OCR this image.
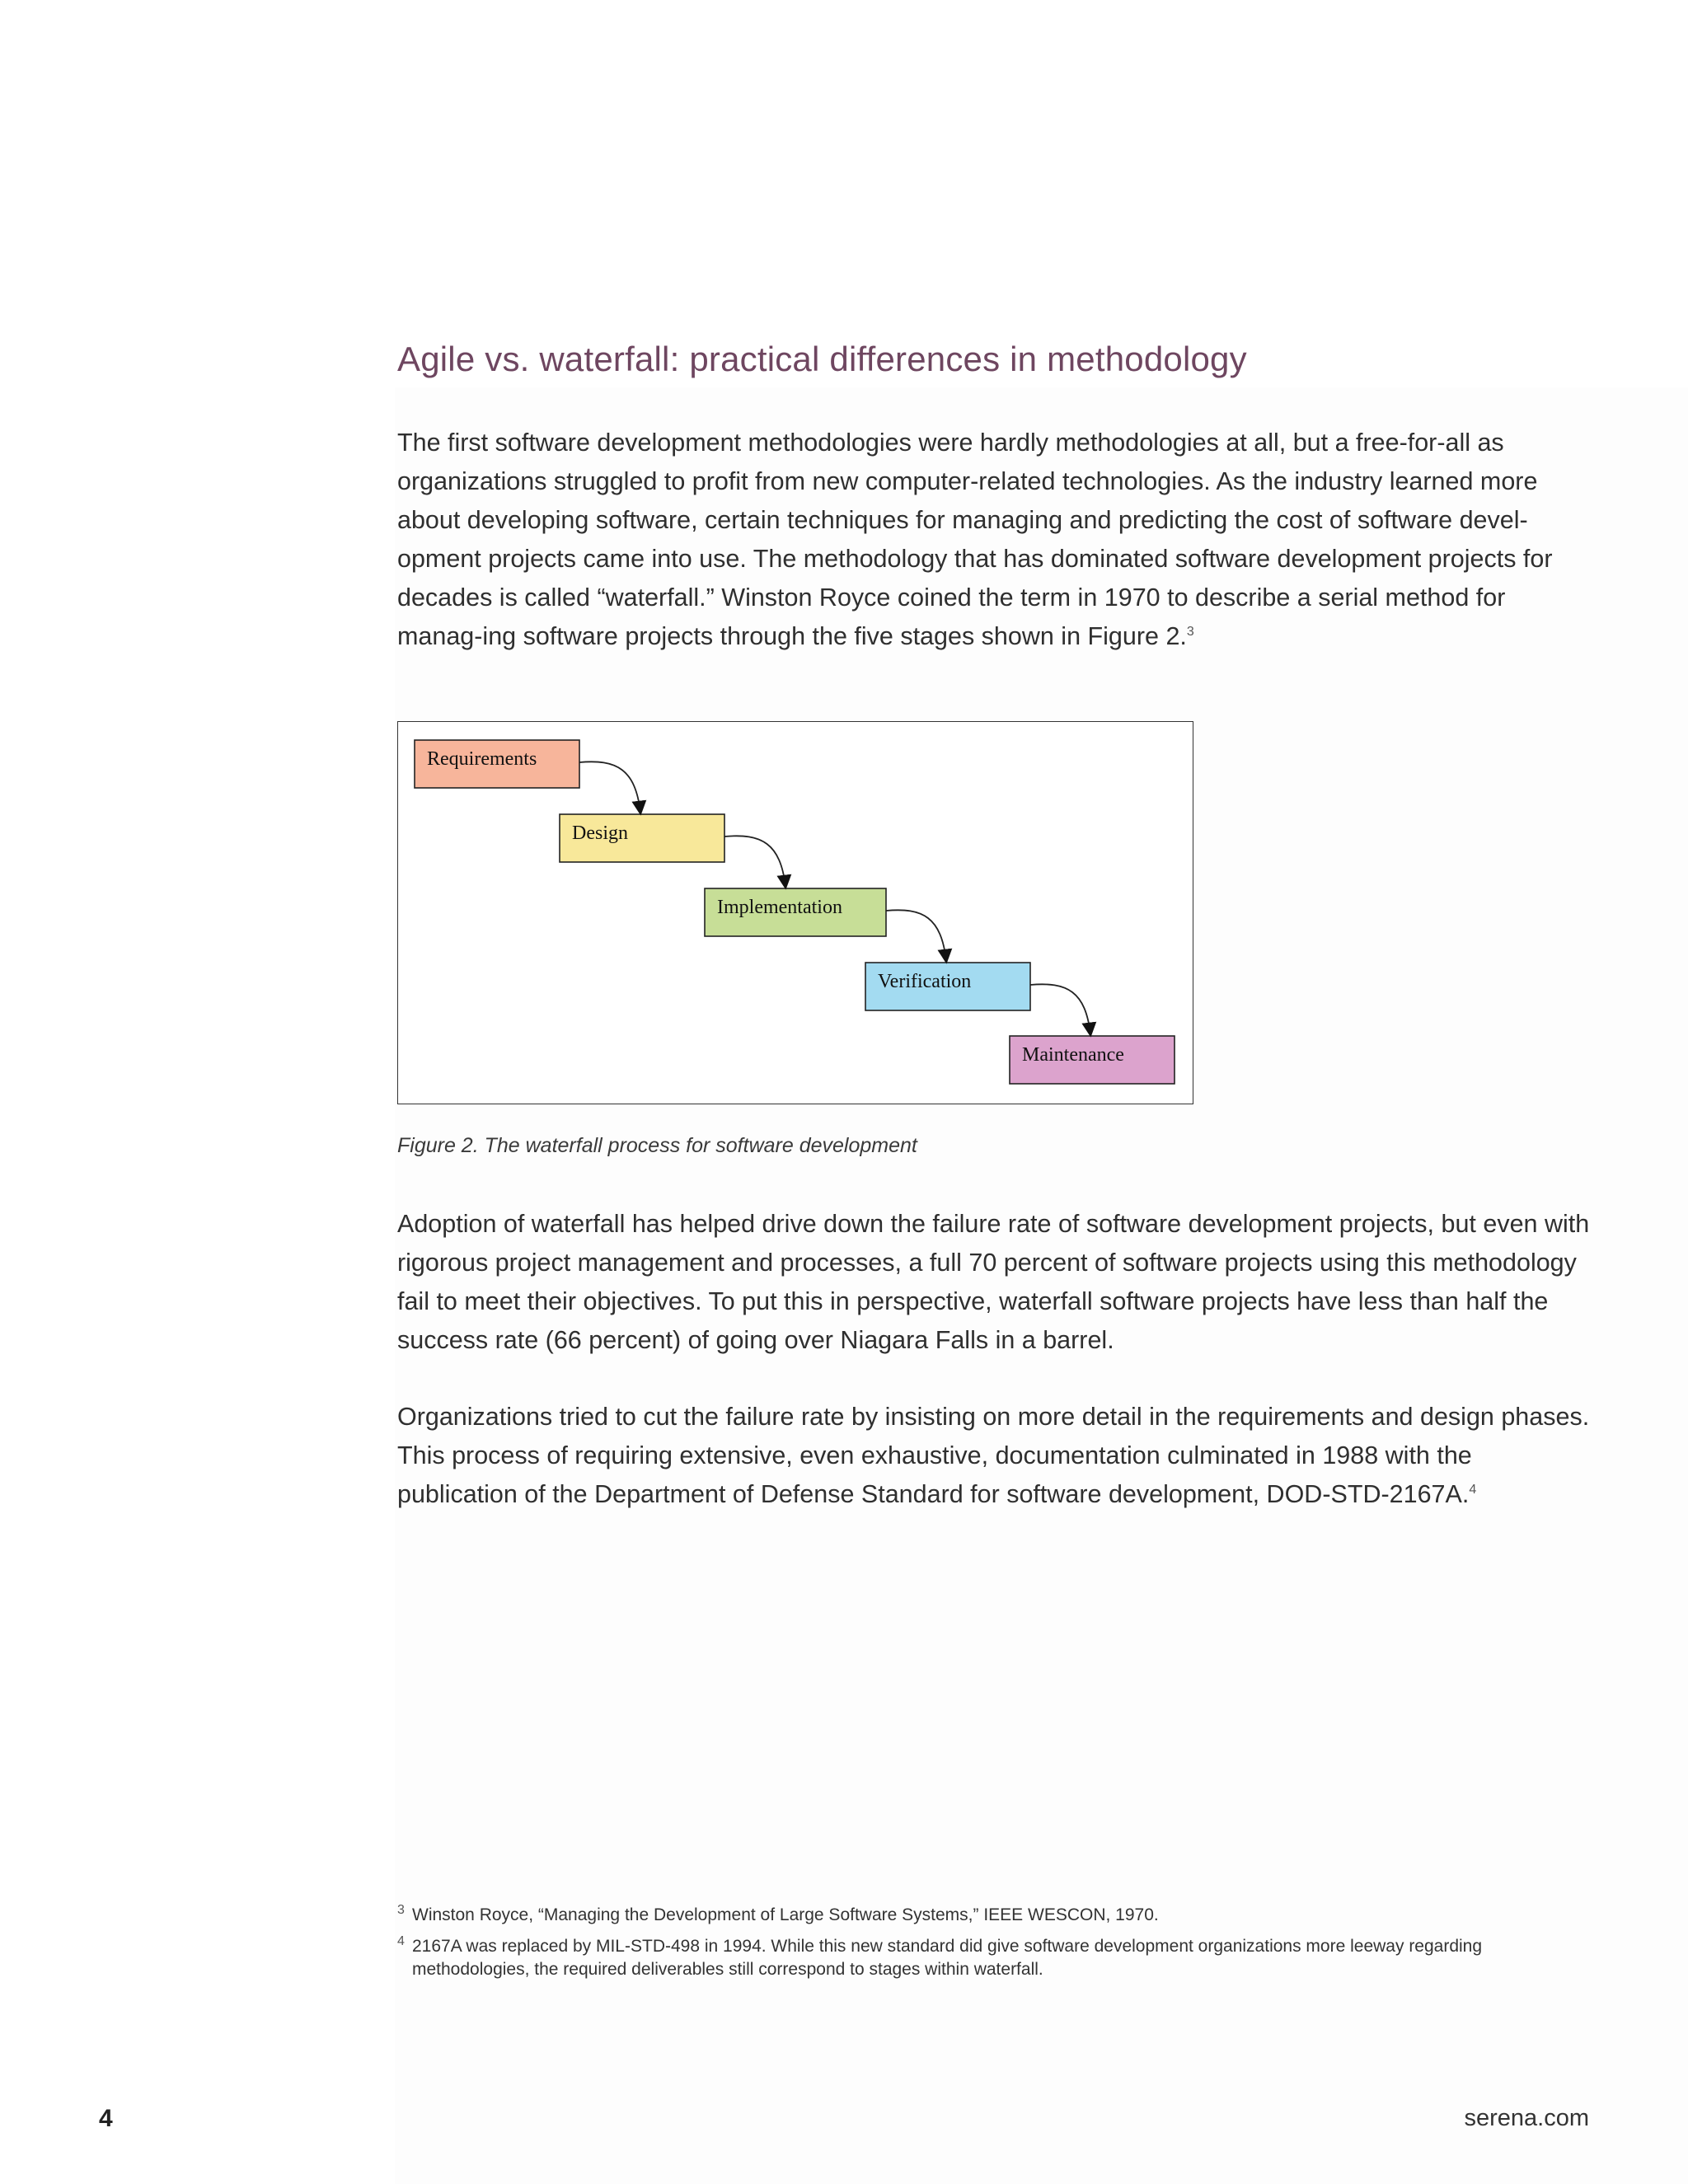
Agile vs. waterfall: practical differences in methodology

The first software development methodologies were hardly methodologies at all, but a free-for-all as organizations struggled to profit from new computer-related technologies. As the industry learned more about developing software, certain techniques for managing and predicting the cost of software devel-opment projects came into use. The methodology that has dominated software development projects for decades is called “waterfall.” Winston Royce coined the term in 1970 to describe a serial method for manag-ing software projects through the five stages shown in Figure 2.$^3$

Requirements
Design
Implementation
Verification
Maintenance
Figure 2. The waterfall process for software development

Adoption of waterfall has helped drive down the failure rate of software development projects, but even with rigorous project management and processes, a full 70 percent of software projects using this methodology fail to meet their objectives. To put this in perspective, waterfall software projects have less than half the success rate (66 percent) of going over Niagara Falls in a barrel.

Organizations tried to cut the failure rate by insisting on more detail in the requirements and design phases. This process of requiring extensive, even exhaustive, documentation culminated in 1988 with the publication of the Department of Defense Standard for software development, DOD-STD-2167A.$^4$

$^3$ Winston Royce, “Managing the Development of Large Software Systems,” IEEE WESCON, 1970.

$^4$ 2167A was replaced by MIL-STD-498 in 1994. While this new standard did give software development organizations more leeway regarding methodologies, the required deliverables still correspond to stages within waterfall.

4	serena.com
